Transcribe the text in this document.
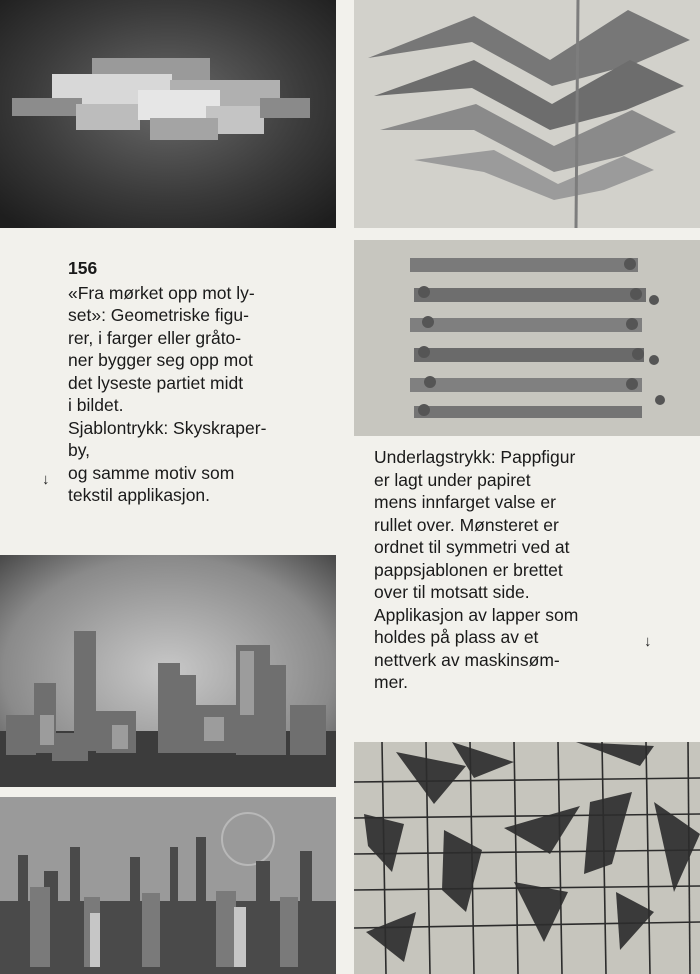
156

«Fra mørket opp mot ly-

set»: Geometriske figu-

rer, i farger eller gråto-

ner bygger seg opp mot

det lyseste partiet midt

i bildet.

Sjablontrykk: Skyskraper-

by,

og samme motiv som

tekstil applikasjon.

↓

Underlagstrykk: Pappfigur

er lagt under papiret

mens innfarget valse er

rullet over. Mønsteret er

ordnet til symmetri ved at

pappsjablonen er brettet

over til motsatt side.

Applikasjon av lapper som

holdes på plass av et

nettverk av maskinsøm-

mer.

↓
